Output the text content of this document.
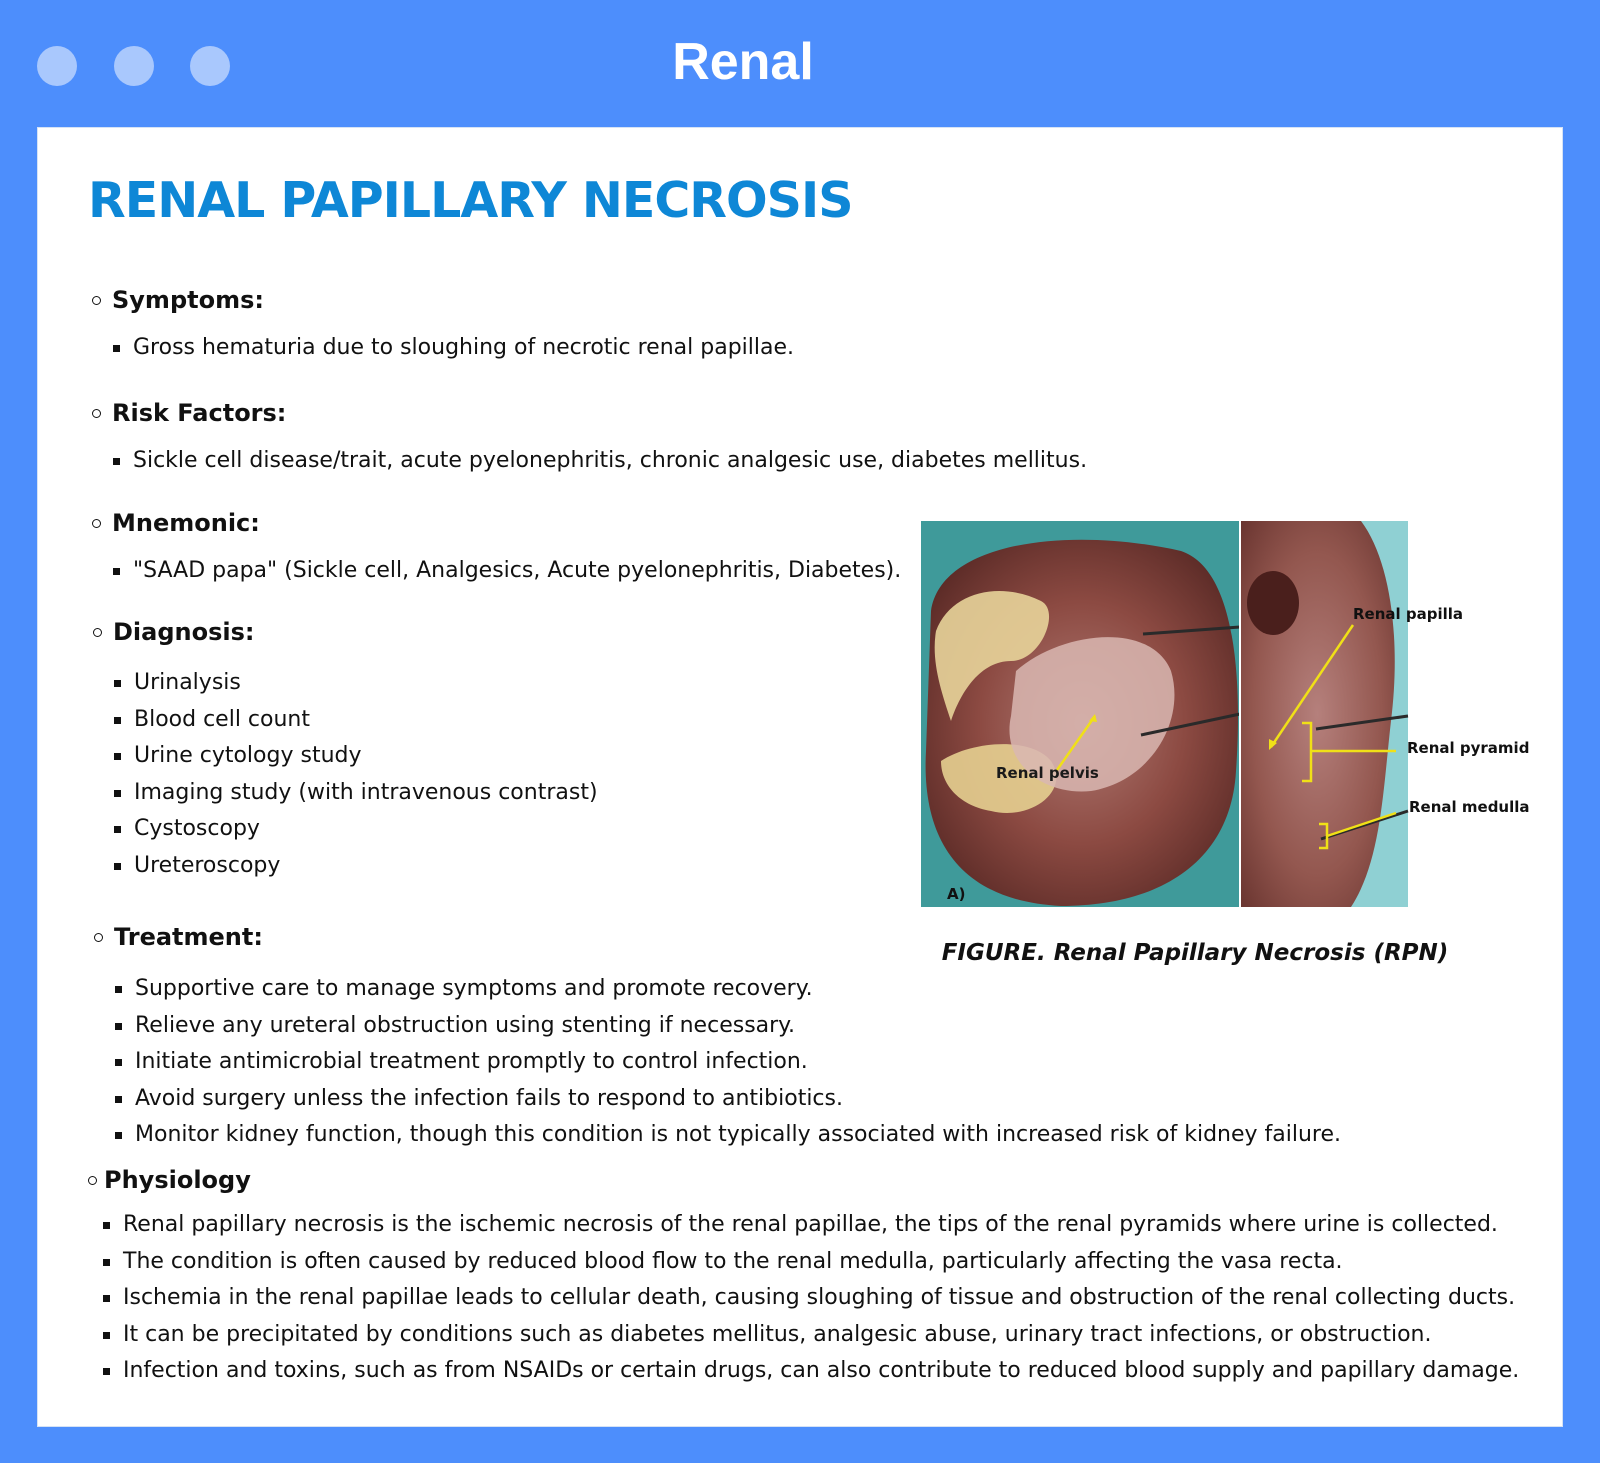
Renal
RENAL PAPILLARY NECROSIS
Symptoms:
Gross hematuria due to sloughing of necrotic renal papillae.
Risk Factors:
Sickle cell disease/trait, acute pyelonephritis, chronic analgesic use, diabetes mellitus.
Mnemonic:
"SAAD papa" (Sickle cell, Analgesics, Acute pyelonephritis, Diabetes).
Diagnosis:
Urinalysis
Blood cell count
Urine cytology study
Imaging study (with intravenous contrast)
Cystoscopy
Ureteroscopy
Treatment:
Supportive care to manage symptoms and promote recovery.
Relieve any ureteral obstruction using stenting if necessary.
Initiate antimicrobial treatment promptly to control infection.
Avoid surgery unless the infection fails to respond to antibiotics.
Monitor kidney function, though this condition is not typically associated with increased risk of kidney failure.
Physiology
Renal papillary necrosis is the ischemic necrosis of the renal papillae, the tips of the renal pyramids where urine is collected.
The condition is often caused by reduced blood flow to the renal medulla, particularly affecting the vasa recta.
Ischemia in the renal papillae leads to cellular death, causing sloughing of tissue and obstruction of the renal collecting ducts.
It can be precipitated by conditions such as diabetes mellitus, analgesic abuse, urinary tract infections, or obstruction.
Infection and toxins, such as from NSAIDs or certain drugs, can also contribute to reduced blood supply and papillary damage.
Renal pelvis
Renal papilla
A)
Renal pyramid
Renal medulla
FIGURE. Renal Papillary Necrosis (RPN)
